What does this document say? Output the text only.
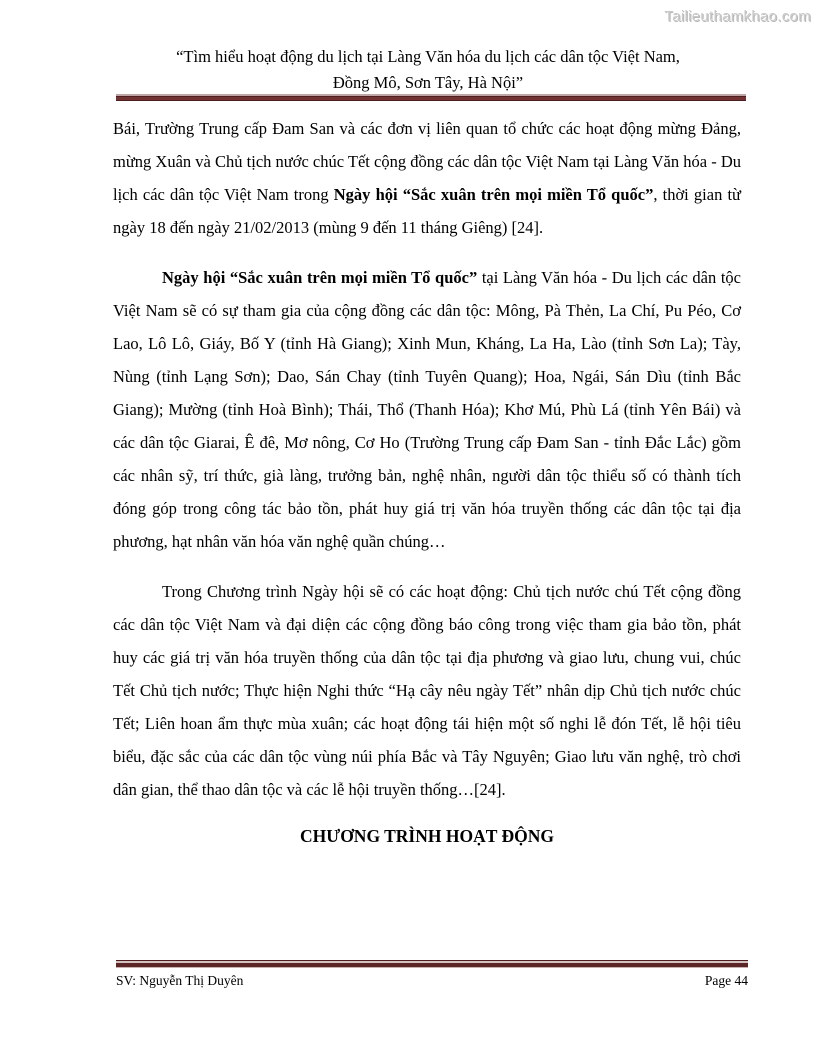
Tailieuthamkhao.com
“Tìm hiểu hoạt động du lịch tại Làng Văn hóa du lịch các dân tộc Việt Nam,
Đồng Mô, Sơn Tây, Hà Nội”

Bái, Trường Trung cấp Đam San và các đơn vị liên quan tổ chức các hoạt động mừng Đảng, mừng Xuân và Chủ tịch nước chúc Tết cộng đồng các dân tộc Việt Nam tại Làng Văn hóa - Du lịch các dân tộc Việt Nam trong Ngày hội “Sắc xuân trên mọi miền Tổ quốc”, thời gian từ ngày 18 đến ngày 21/02/2013 (mùng 9 đến 11 tháng Giêng) [24].

Ngày hội “Sắc xuân trên mọi miền Tổ quốc” tại Làng Văn hóa - Du lịch các dân tộc Việt Nam sẽ có sự tham gia của cộng đồng các dân tộc: Mông, Pà Thẻn, La Chí, Pu Péo, Cơ Lao, Lô Lô, Giáy, Bố Y (tỉnh Hà Giang); Xinh Mun, Kháng, La Ha, Lào (tỉnh Sơn La); Tày, Nùng (tỉnh Lạng Sơn); Dao, Sán Chay (tỉnh Tuyên Quang); Hoa, Ngái, Sán Dìu (tỉnh Bắc Giang); Mường (tỉnh Hoà Bình); Thái, Thổ (Thanh Hóa); Khơ Mú, Phù Lá (tỉnh Yên Bái) và các dân tộc Giarai, Ê đê, Mơ nông, Cơ Ho (Trường Trung cấp Đam San - tỉnh Đắc Lắc) gồm các nhân sỹ, trí thức, già làng, trưởng bản, nghệ nhân, người dân tộc thiểu số có thành tích đóng góp trong công tác bảo tồn, phát huy giá trị văn hóa truyền thống các dân tộc tại địa phương, hạt nhân văn hóa văn nghệ quần chúng…

Trong Chương trình Ngày hội sẽ có các hoạt động: Chủ tịch nước chú Tết cộng đồng các dân tộc Việt Nam và đại diện các cộng đồng báo công trong việc tham gia bảo tồn, phát huy các giá trị văn hóa truyền thống của dân tộc tại địa phương và giao lưu, chung vui, chúc Tết Chủ tịch nước; Thực hiện Nghi thức “Hạ cây nêu ngày Tết” nhân dịp Chủ tịch nước chúc Tết; Liên hoan ẩm thực mùa xuân; các hoạt động tái hiện một số nghi lễ đón Tết, lễ hội tiêu biểu, đặc sắc của các dân tộc vùng núi phía Bắc và Tây Nguyên; Giao lưu văn nghệ, trò chơi dân gian, thể thao dân tộc và các lễ hội truyền thống…[24].

CHƯƠNG TRÌNH HOẠT ĐỘNG
SV: Nguyễn Thị Duyên	Page 44
